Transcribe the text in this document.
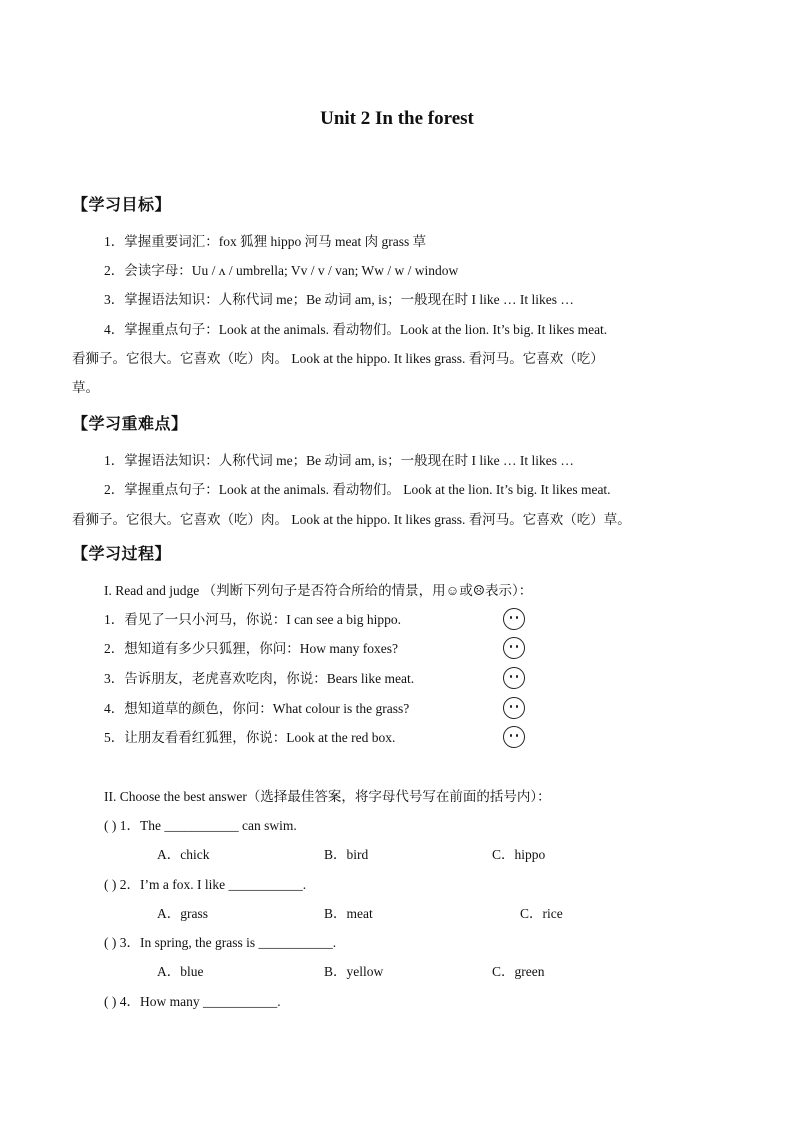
Unit 2 In the forest
【学习目标】
1．掌握重要词汇：fox 狐狸 hippo 河马 meat 肉 grass 草
2．会读字母：Uu / ʌ / umbrella; Vv / v / van; Ww / w / window
3．掌握语法知识：人称代词 me；Be 动词 am, is；一般现在时 I like … It likes …
4．掌握重点句子：Look at the animals. 看动物们。Look at the lion. It’s big. It likes meat.
看狮子。它很大。它喜欢（吃）肉。 Look at the hippo. It likes grass. 看河马。它喜欢（吃）
草。
【学习重难点】
1．掌握语法知识：人称代词 me；Be 动词 am, is；一般现在时 I like … It likes …
2．掌握重点句子：Look at the animals. 看动物们。 Look at the lion. It’s big. It likes meat.
看狮子。它很大。它喜欢（吃）肉。 Look at the hippo. It likes grass. 看河马。它喜欢（吃）草。
【学习过程】
I. Read and judge （判断下列句子是否符合所给的情景，用☺或☹表示）：
1．看见了一只小河马，你说：I can see a big hippo.
2．想知道有多少只狐狸，你问：How many foxes?
3．告诉朋友，老虎喜欢吃肉，你说：Bears like meat.
4．想知道草的颜色，你问：What colour is the grass?
5．让朋友看看红狐狸，你说：Look at the red box.
II. Choose the best answer（选择最佳答案，将字母代号写在前面的括号内）：
( ) 1．The ___________ can swim.
A．chick	B．bird	C．hippo
( ) 2．I’m a fox. I like ___________.
A．grass	B．meat	C．rice
( ) 3．In spring, the grass is ___________.
A．blue	B．yellow	C．green
( ) 4．How many ___________.
